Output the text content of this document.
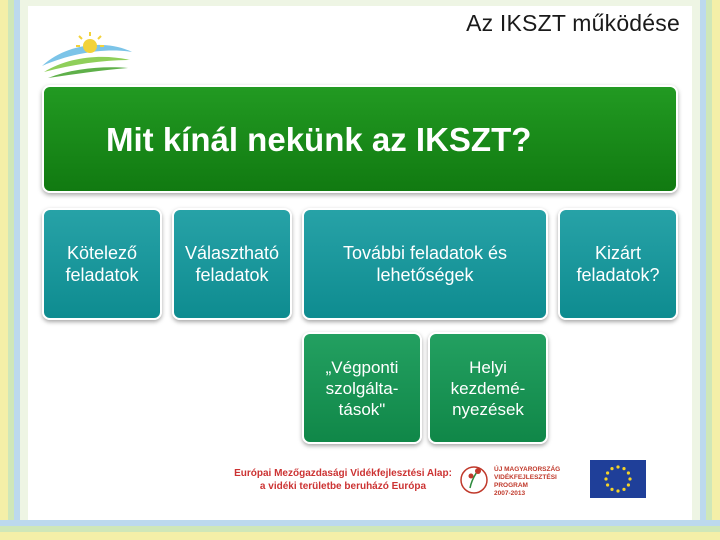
Az IKSZT működése
Mit kínál nekünk az IKSZT?
Kötelező
feladatok
Választható
feladatok
További feladatok és
lehetőségek
Kizárt
feladatok?
„Végponti
szolgálta-
tások"
Helyi
kezdemé-
nyezések
Európai Mezőgazdasági Vidékfejlesztési Alap:
a vidéki területbe beruházó Európa
ÚJ MAGYARORSZÁG
VIDÉKFEJLESZTÉSI PROGRAM
2007-2013
